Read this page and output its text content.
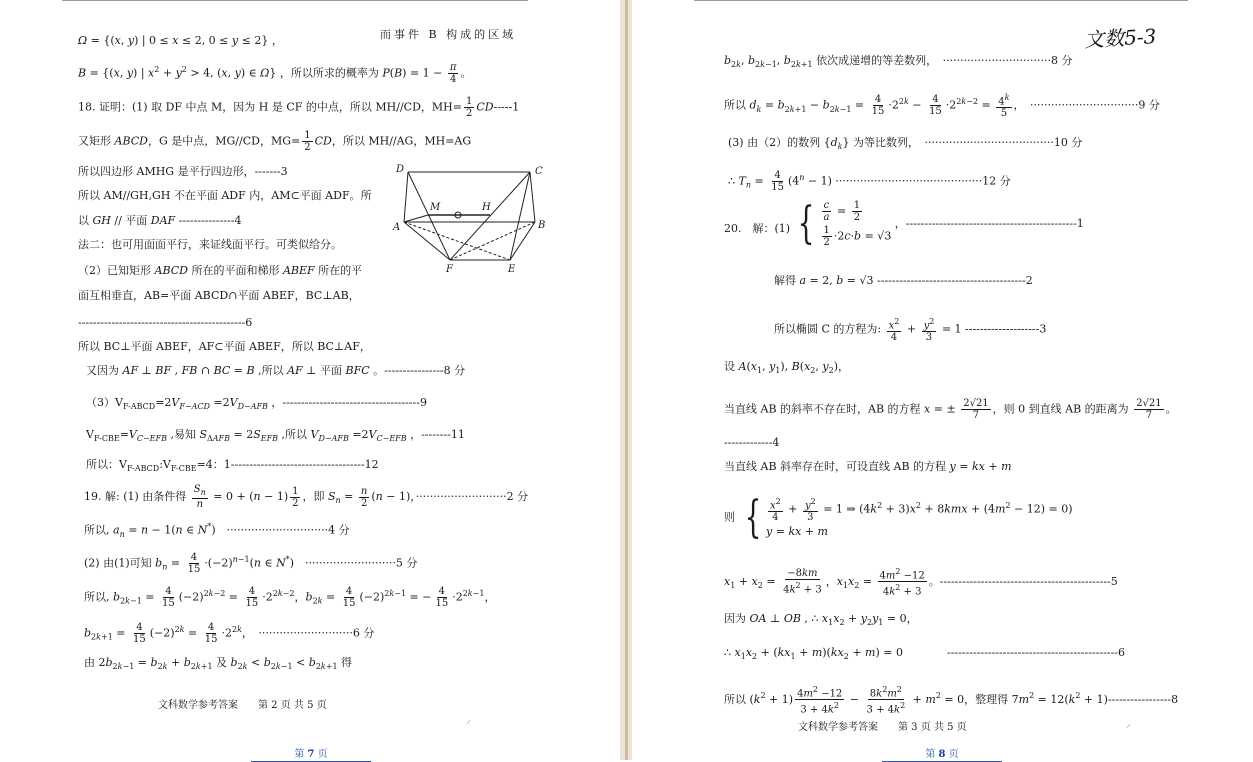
Ω = {(x, y) | 0 ≤ x ≤ 2, 0 ≤ y ≤ 2} ，	而事件 B 构成的区域
B = {(x, y) | $x^2 + y^2 > 4$, (x, y) ∈ Ω} ，所以所求的概率为 $P(B) = 1 - \frac{\pi}{4}$ 。
18. 证明：(1) 取 DF 中点 M，因为 H 是 CF 的中点，所以 MH//CD，$MH= \frac{1}{2} CD-----1$
又矩形 ABCD，G 是中点，MG//CD，$MG= \frac{1}{2}$ CD，所以 MH//AG，MH=AG
所以四边形 AMHG 是平行四边形，-------3
所以 AM//GH,GH 不在平面 ADF 内，AM⊂平面 ADF。所
以 GH // 平面 DAF ---------------4
法二：也可用面面平行，来证线面平行。可类似给分。
（2）已知矩形 ABCD 所在的平面和梯形 ABEF 所在的平
面互相垂直，AB=平面 ABCD∩平面 ABEF，BC⊥AB，
---------------------------------------------6
所以 BC⊥平面 ABEF，AF⊂平面 ABEF，所以 BC⊥AF，
又因为 AF ⊥ BF , FB ∩ BC = B ,所以 AF ⊥ 平面 BFC 。----------------8 分
$(3)V_{F-ABCD}=2V_{F-ACD} =2V_{D-AFB}$ ，-------------------------------------9
$V_{F-CBE}=V_{C-EFB}$ ,易知 $S_{\Delta AFB} = 2S_{EFB}$ ,所以 $V_{D-AFB} =2V_{C-EFB}$ ，--------11
所以：$V_{F-ABCD}:V_{F-CBE}=4$：1------------------------------------12
19. 解: (1) 由条件得 $\frac{S_n}{n} = 0 + (n - 1) \frac{1}{2}$ ，即 $S_n = \frac{n}{2} (n - 1)$，··························2 分
所以, $a_n = n - 1(n$ ∈ N*)　·····························4 分
(2) 由(1)可知 $b_n = \frac{4}{15} \cdot(-2)^{n-1}(n$ ∈ N*)　··························5 分
所以, $b_{2k-1} = \frac{4}{15} (-2)^{2k-2} = \frac{4}{15} \cdot 2^{2k-2}$，$b_{2k} = \frac{4}{15} (-2)^{2k-1}$ = − $\frac{4}{15} \cdot 2^{2k-1}$，
$b_{2k+1} = \frac{4}{15} (-2)^{2k} = \frac{4}{15} \cdot 2^{2k}$，　···························6 分
由 $2b_{2k-1} = b_{2k} + b_{2k+1}$ 及 $b_{2k} < b_{2k-1} < b_{2k+1}$ 得
D	C
A	B
F	E
M	H
文科数学参考答案　　第 2 页 共 5 页
⸝
第 7 页
文数5-3
$b_{2k}$, $b_{2k-1}$, $b_{2k+1}$ 依次成递增的等差数列，　·······························8 分
所以 $d_k = b_{2k+1} - b_{2k-1} = \frac{4}{15} \cdot 2^{2k} - \frac{4}{15} \cdot 2^{2k-2} = \frac{4^k}{5}$ ，　·······························9 分
(3) 由（2）的数列 $\{d_k\}$ 为等比数列，　·····································10 分
∴ $T_n = \frac{4}{15} (4^n - 1) \cdot\cdot\cdot\cdot\cdot\cdot\cdot\cdot\cdot\cdot\cdot\cdot\cdot\cdot\cdot\cdot\cdot\cdot\cdot\cdot\cdot\cdot\cdot\cdot\cdot\cdot\cdot\cdot\cdot\cdot\cdot\cdot\cdot\cdot\cdot\cdot\cdot\cdot\cdot\cdot\cdot\cdot 12$ 分
20.　解：(1) { $\frac{c}{a} = \frac{1}{2}$
$\frac{1}{2} \cdot 2c\cdot b = √3$
，----------------------------------------------1
解得 a = 2, b = √3 ----------------------------------------2
所以椭圆 C 的方程为: $\frac{x^2}{4} + \frac{y^2}{3} = 1$ --------------------3
设 $A(x_1$, $y_1$), $B(x_2$, $y_2$)，
当直线 AB 的斜率不存在时，AB 的方程 x = ± $\frac{2√21}{7}$ ，则 0 到直线 AB 的距离为 $\frac{2√21}{7}$ 。
-------------4
当直线 AB 斜率存在时，可设直线 AB 的方程 y = kx + m
则 { $\frac{x^2}{4} + \frac{y^2}{3} = 1$ ⇒ $(4k^2 + 3)x^2 + 8kmx + (4m^2 - 12) = 0$)
y = kx + m
$x_1 + x_2 = \frac{-8km}{4k^2 + 3}$ ，$x_1x_2 = \frac{4m^2 -12}{4k^2 + 3}$ 。----------------------------------------------5
因为 OA ⊥ OB , ∴ $x_1x_2 + y_2y_1 = 0$，
∴ $x_1x_2 + (kx_1 + m)(kx_2 + m) = 0$　　　　----------------------------------------------6
所以 $(k^2 + 1) \frac{4m^2 -12}{3 + 4k^2} - \frac{8k^2m^2}{3 + 4k^2} + m^2 = 0$，整理得 $7m^2 = 12(k^2 + 1)-----------------8$
文科数学参考答案　　第 3 页 共 5 页	⸝
第 8 页
